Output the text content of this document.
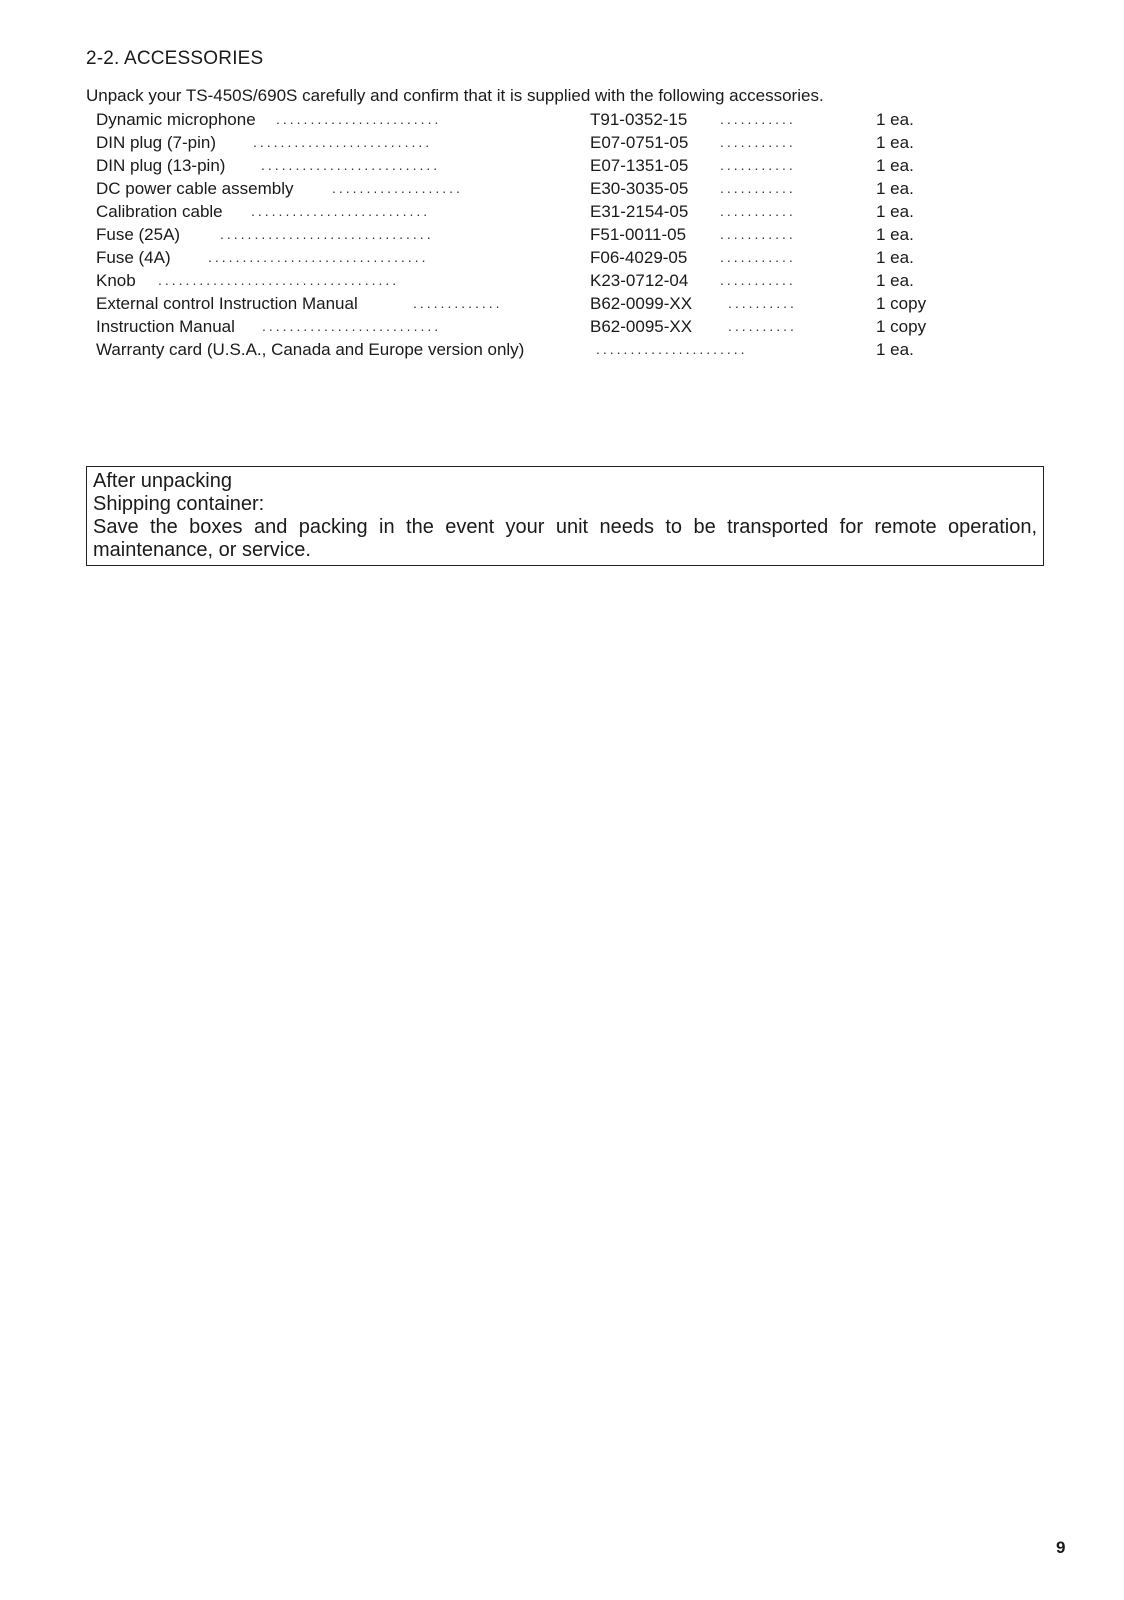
2-2. ACCESSORIES
Unpack your TS-450S/690S carefully and confirm that it is supplied with the following accessories.
Dynamic microphone ........................	T91-0352-15 ...........	1 ea.
DIN plug (7-pin)	..........................	E07-0751-05 ...........	1 ea.
DIN plug (13-pin)	..........................	E07-1351-05 ...........	1 ea.
DC power cable assembly	...................	E30-3035-05 ...........	1 ea.
Calibration cable ..........................	E31-2154-05 ...........	1 ea.
Fuse (25A)	...............................	F51-0011-05 ...........	1 ea.
Fuse (4A)	................................	F06-4029-05 ...........	1 ea.
Knob ...................................	K23-0712-04 ...........	1 ea.
External control Instruction Manual	.............	B62-0099-XX	..........	1 copy
Instruction Manual ..........................	B62-0095-XX	..........	1 copy
Warranty card (U.S.A., Canada and Europe version only)	......................	1 ea.
After unpacking
Shipping container:
Save the boxes and packing in the event your unit needs to be transported for remote operation, maintenance, or service.
9
